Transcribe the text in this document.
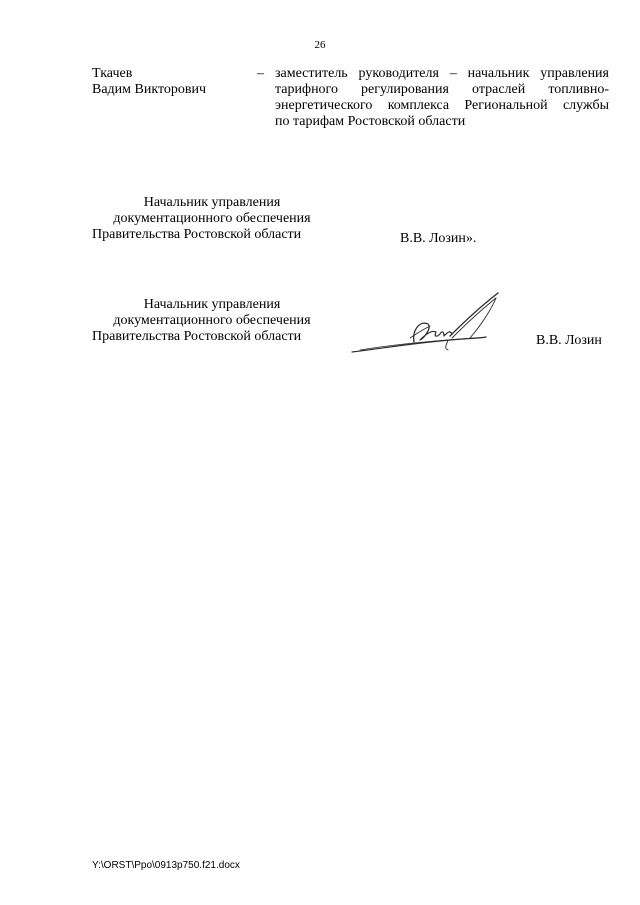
26
Ткачев
Вадим Викторович
– заместитель руководителя – начальник управления
тарифного регулирования отраслей топливно-
энергетического комплекса Региональной службы
по тарифам Ростовской области
Начальник управления
документационного обеспечения
Правительства Ростовской области	В.В. Лозин».
Начальник управления
документационного обеспечения
Правительства Ростовской области	В.В. Лозин
Y:\ORST\Ppo\0913p750.f21.docx
